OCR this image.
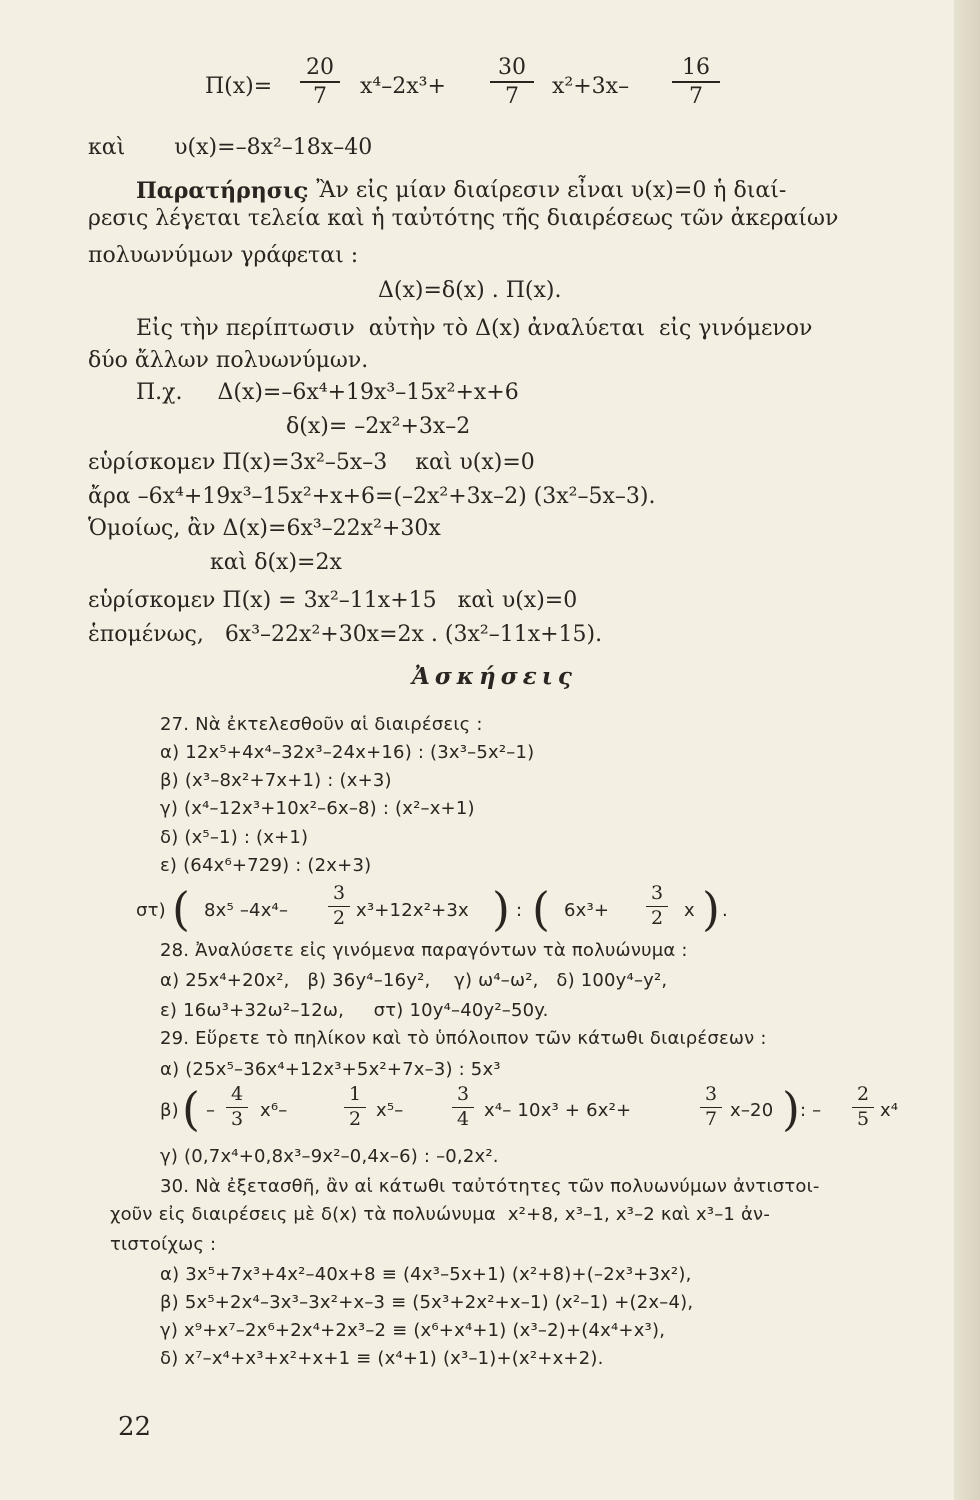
Π(x)=
20
7	x⁴–2x³+
30
7	x²+3x–
16
7
καὶ       υ(x)=–8x²–18x–40
Παρατήρησις
: Ἂν εἰς μίαν διαίρεσιν εἶναι υ(x)=0 ἡ διαί-
ρεσις λέγεται τελεία καὶ ἡ ταὐτότης τῆς διαιρέσεως τῶν ἀκεραίων
πολυωνύμων γράφεται :
Δ(x)=δ(x) . Π(x).
Εἰς τὴν περίπτωσιν  αὐτὴν τὸ Δ(x) ἀναλύεται  εἰς γινόμενον
δύο ἄλλων πολυωνύμων.
Π.χ.     Δ(x)=–6x⁴+19x³–15x²+x+6
δ(x)= –2x²+3x–2
εὑρίσκομεν Π(x)=3x²–5x–3    καὶ υ(x)=0
ἄρα –6x⁴+19x³–15x²+x+6=(–2x²+3x–2) (3x²–5x–3).
Ὁμοίως, ἂν Δ(x)=6x³–22x²+30x
καὶ δ(x)=2x
εὑρίσκομεν Π(x) = 3x²–11x+15   καὶ υ(x)=0
ἑπομένως,   6x³–22x²+30x=2x . (3x²–11x+15).
Ἀσκήσεις
27. Νὰ ἐκτελεσθοῦν αἱ διαιρέσεις :
α) 12x⁵+4x⁴–32x³–24x+16) : (3x³–5x²–1)
β) (x³–8x²+7x+1) : (x+3)
γ) (x⁴–12x³+10x²–6x–8) : (x²–x+1)
δ) (x⁵–1) : (x+1)
ε) (64x⁶+729) : (2x+3)
στ) ( 8x⁵ –4x⁴–
3
2 x³+12x²+3x ) : ( 6x³+
3
2 x ) .
28. Ἀναλύσετε εἰς γινόμενα παραγόντων τὰ πολυώνυμα :
α) 25x⁴+20x²,   β) 36y⁴–16y²,    γ) ω⁴–ω²,   δ) 100y⁴–y²,
ε) 16ω³+32ω²–12ω,     στ) 10y⁴–40y²–50y.
29. Εὕρετε τὸ πηλίκον καὶ τὸ ὑπόλοιπον τῶν κάτωθι διαιρέσεων :
α) (25x⁵–36x⁴+12x³+5x²+7x–3) : 5x³
β) ( –
4
3 x⁶–
1
2 x⁵–
3
4 x⁴– 10x³ + 6x²+
3
7 x–20 ) : –
2
5 x⁴
γ) (0,7x⁴+0,8x³–9x²–0,4x–6) : –0,2x².
30. Νὰ ἐξετασθῆ, ἂν αἱ κάτωθι ταὐτότητες τῶν πολυωνύμων ἀντιστοι-
χοῦν εἰς διαιρέσεις μὲ δ(x) τὰ πολυώνυμα  x²+8, x³–1, x³–2 καὶ x³–1 ἀν-
τιστοίχως :
α) 3x⁵+7x³+4x²–40x+8 ≡ (4x³–5x+1) (x²+8)+(–2x³+3x²),
β) 5x⁵+2x⁴–3x³–3x²+x–3 ≡ (5x³+2x²+x–1) (x²–1) +(2x–4),
γ) x⁹+x⁷–2x⁶+2x⁴+2x³–2 ≡ (x⁶+x⁴+1) (x³–2)+(4x⁴+x³),
δ) x⁷–x⁴+x³+x²+x+1 ≡ (x⁴+1) (x³–1)+(x²+x+2).
22
